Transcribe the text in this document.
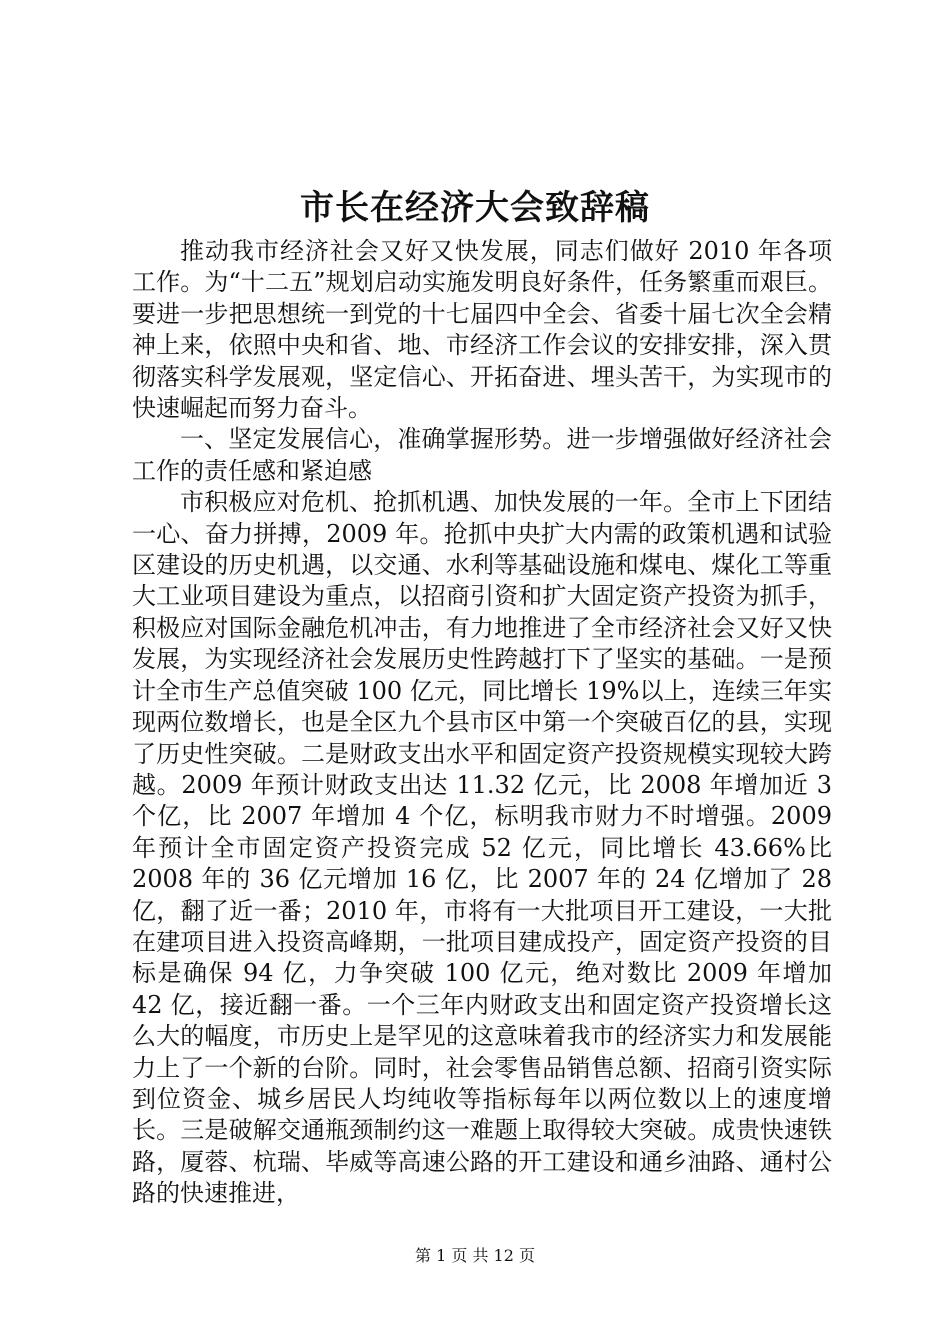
市长在经济大会致辞稿

推动我市经济社会又好又快发展，同志们做好 2010 年各项工作。为“十二五”规划启动实施发明良好条件，任务繁重而艰巨。要进一步把思想统一到党的十七届四中全会、省委十届七次全会精神上来，依照中央和省、地、市经济工作会议的安排安排，深入贯彻落实科学发展观，坚定信心、开拓奋进、埋头苦干，为实现市的快速崛起而努力奋斗。

一、坚定发展信心，准确掌握形势。进一步增强做好经济社会工作的责任感和紧迫感

市积极应对危机、抢抓机遇、加快发展的一年。全市上下团结一心、奋力拼搏，2009 年。抢抓中央扩大内需的政策机遇和试验区建设的历史机遇，以交通、水利等基础设施和煤电、煤化工等重大工业项目建设为重点，以招商引资和扩大固定资产投资为抓手，积极应对国际金融危机冲击，有力地推进了全市经济社会又好又快发展，为实现经济社会发展历史性跨越打下了坚实的基础。一是预计全市生产总值突破 100 亿元，同比增长 19%以上，连续三年实现两位数增长，也是全区九个县市区中第一个突破百亿的县，实现了历史性突破。二是财政支出水平和固定资产投资规模实现较大跨越。2009 年预计财政支出达 11.32 亿元，比 2008 年增加近 3 个亿，比 2007 年增加 4 个亿，标明我市财力不时增强。2009 年预计全市固定资产投资完成 52 亿元，同比增长 43.66%比 2008 年的 36 亿元增加 16 亿，比 2007 年的 24 亿增加了 28 亿，翻了近一番；2010 年，市将有一大批项目开工建设，一大批在建项目进入投资高峰期，一批项目建成投产，固定资产投资的目标是确保 94 亿，力争突破 100 亿元，绝对数比 2009 年增加 42 亿，接近翻一番。一个三年内财政支出和固定资产投资增长这么大的幅度，市历史上是罕见的这意味着我市的经济实力和发展能力上了一个新的台阶。同时，社会零售品销售总额、招商引资实际到位资金、城乡居民人均纯收等指标每年以两位数以上的速度增长。三是破解交通瓶颈制约这一难题上取得较大突破。成贵快速铁路，厦蓉、杭瑞、毕威等高速公路的开工建设和通乡油路、通村公路的快速推进，

第 1 页 共 12 页
